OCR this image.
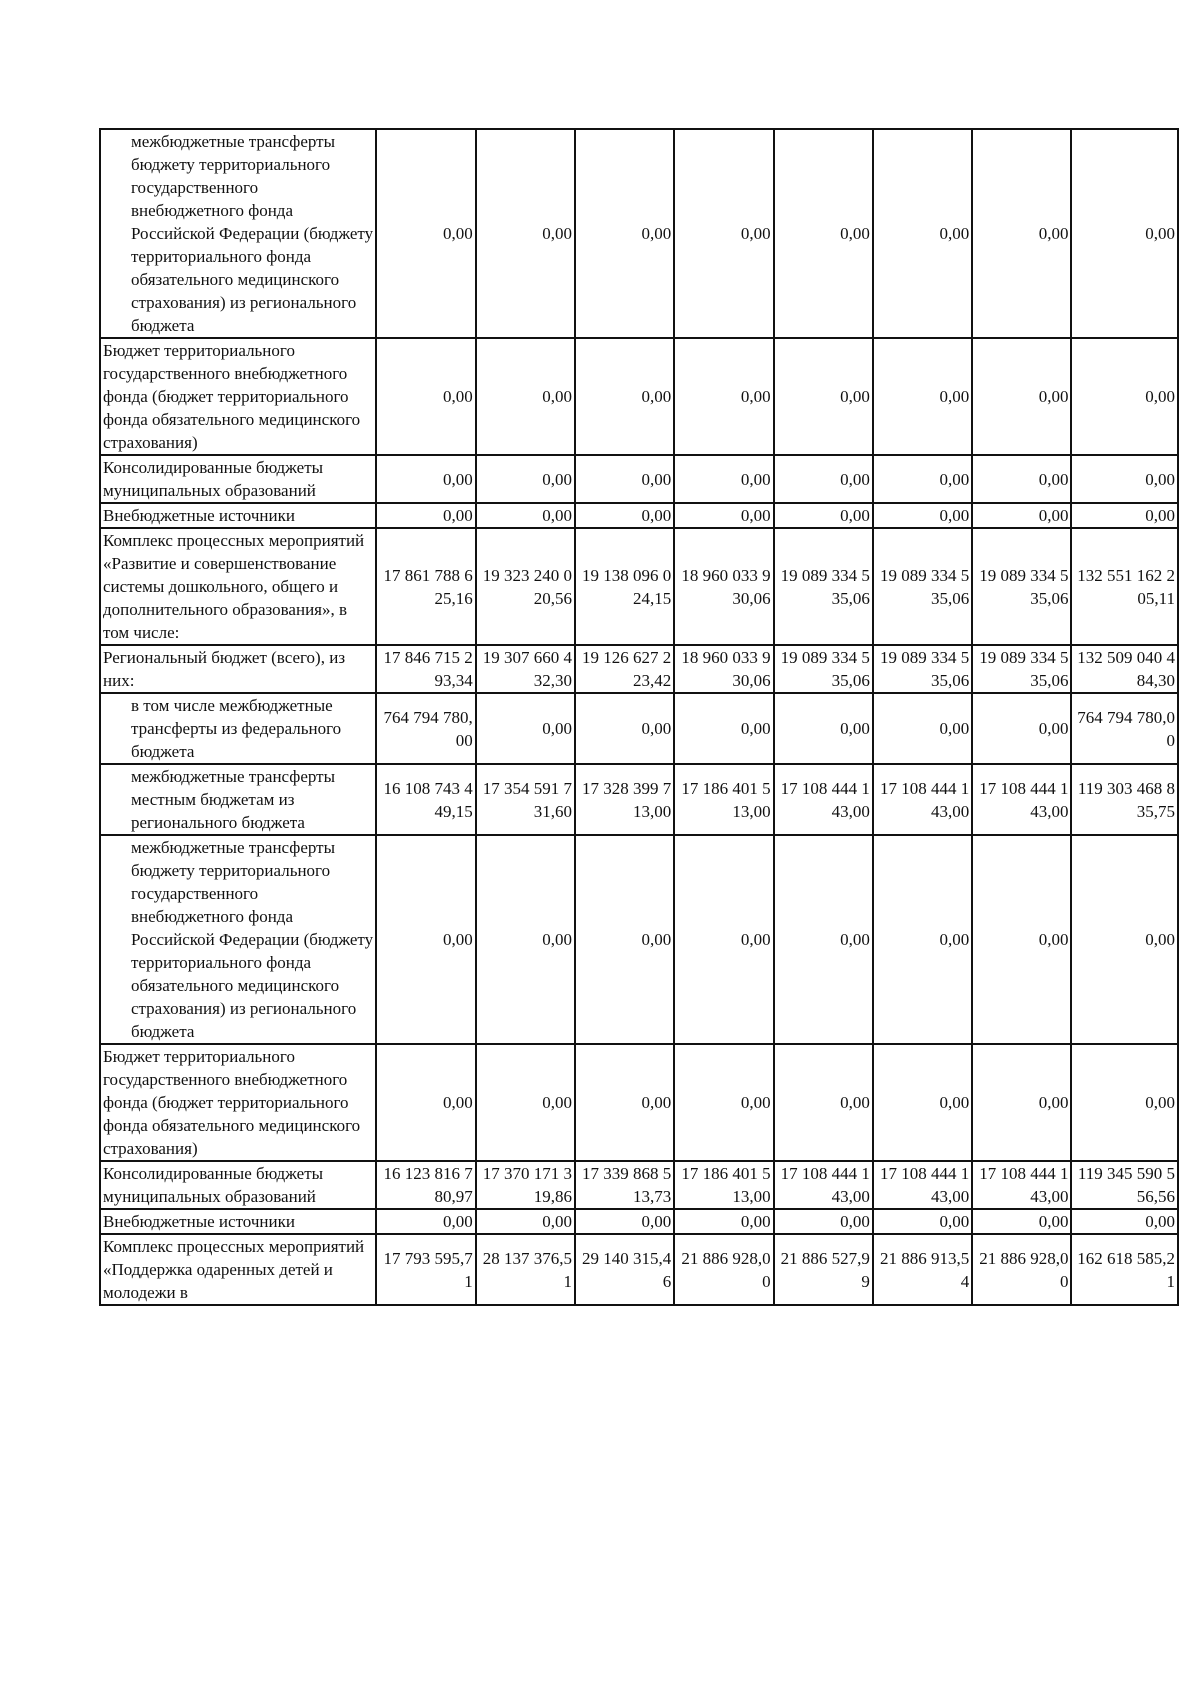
межбюджетные трансферты бюджету территориального государственного внебюджетного фонда Российской Федерации (бюджету территориального фонда обязательного медицинского страхования) из регионального бюджета	0,00	0,00	0,00	0,00	0,00	0,00	0,00	0,00
Бюджет территориального государственного внебюджетного фонда (бюджет территориального фонда обязательного медицинского страхования)	0,00	0,00	0,00	0,00	0,00	0,00	0,00	0,00
Консолидированные бюджеты муниципальных образований	0,00	0,00	0,00	0,00	0,00	0,00	0,00	0,00
Внебюджетные источники	0,00	0,00	0,00	0,00	0,00	0,00	0,00	0,00
Комплекс процессных мероприятий «Развитие и совершенствование системы дошкольного, общего и дополнительного образования», в том числе:	17 861 788 625,16	19 323 240 020,56	19 138 096 024,15	18 960 033 930,06	19 089 334 535,06	19 089 334 535,06	19 089 334 535,06	132 551 162 205,11
Региональный бюджет (всего), из них:	17 846 715 293,34	19 307 660 432,30	19 126 627 223,42	18 960 033 930,06	19 089 334 535,06	19 089 334 535,06	19 089 334 535,06	132 509 040 484,30
в том числе межбюджетные трансферты из федерального бюджета	764 794 780,00	0,00	0,00	0,00	0,00	0,00	0,00	764 794 780,00
межбюджетные трансферты местным бюджетам из регионального бюджета	16 108 743 449,15	17 354 591 731,60	17 328 399 713,00	17 186 401 513,00	17 108 444 143,00	17 108 444 143,00	17 108 444 143,00	119 303 468 835,75
межбюджетные трансферты бюджету территориального государственного внебюджетного фонда Российской Федерации (бюджету территориального фонда обязательного медицинского страхования) из регионального бюджета	0,00	0,00	0,00	0,00	0,00	0,00	0,00	0,00
Бюджет территориального государственного внебюджетного фонда (бюджет территориального фонда обязательного медицинского страхования)	0,00	0,00	0,00	0,00	0,00	0,00	0,00	0,00
Консолидированные бюджеты муниципальных образований	16 123 816 780,97	17 370 171 319,86	17 339 868 513,73	17 186 401 513,00	17 108 444 143,00	17 108 444 143,00	17 108 444 143,00	119 345 590 556,56
Внебюджетные источники	0,00	0,00	0,00	0,00	0,00	0,00	0,00	0,00
Комплекс процессных мероприятий «Поддержка одаренных детей и молодежи в	17 793 595,71	28 137 376,51	29 140 315,46	21 886 928,00	21 886 527,99	21 886 913,54	21 886 928,00	162 618 585,21
